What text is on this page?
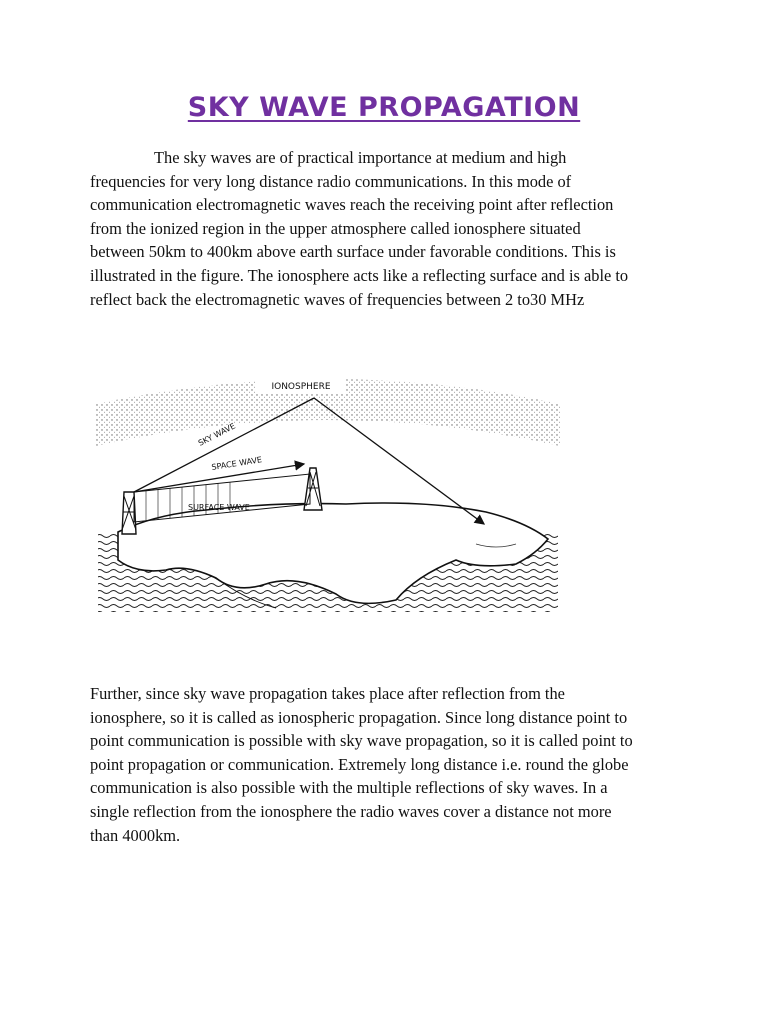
SKY WAVE PROPAGATION
The sky waves are of practical importance at medium and high
frequencies for very long distance radio communications. In this mode of
communication electromagnetic waves reach the receiving point after reflection
from the ionized region in the upper atmosphere called ionosphere situated
between 50km to 400km above earth surface under favorable conditions. This is
illustrated in the figure. The ionosphere acts like a reflecting surface and is able to
reflect back the electromagnetic waves of frequencies between 2 to30 MHz
IONOSPHERE
SURFACE WAVE
SPACE WAVE
SKY WAVE
Further, since sky wave propagation takes place after reflection from the
ionosphere, so it is called as ionospheric propagation. Since long distance point to
point communication is possible with sky wave propagation, so it is called point to
point propagation or communication. Extremely long distance i.e. round the globe
communication is also possible with the multiple reflections of sky waves. In a
single reflection from the ionosphere the radio waves cover a distance not more
than 4000km.
